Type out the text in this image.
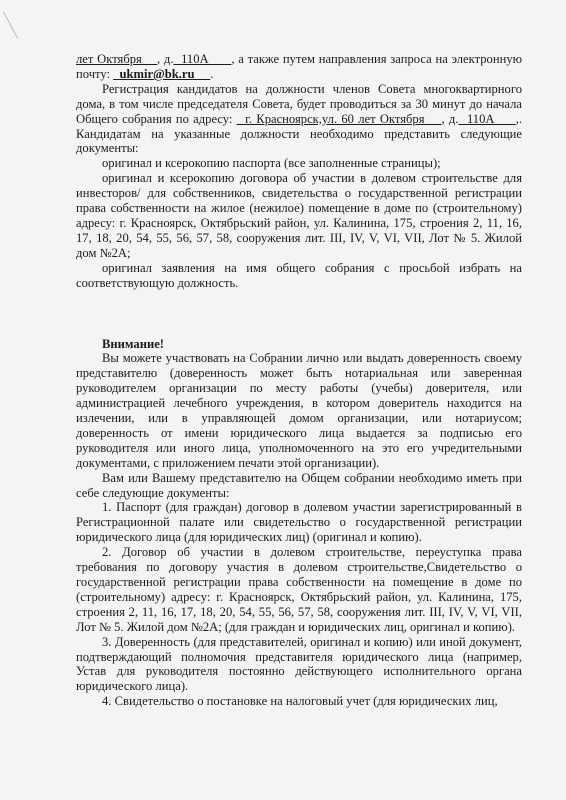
лет Октября , д. 110А , а также путем направления запроса на электронную почту: ukmir@bk.ru .

Регистрация кандидатов на должности членов Совета многоквартирного дома, в том числе председателя Совета, будет проводиться за 30 минут до начала Общего собрания по адресу: г. Красноярск,ул. 60 лет Октября , д. 110А ,. Кандидатам на указанные должности необходимо представить следующие документы:

оригинал и ксерокопию паспорта (все заполненные страницы);

оригинал и ксерокопию договора об участии в долевом строительстве для инвесторов/ для собственников, свидетельства о государственной регистрации права собственности на жилое (нежилое) помещение в доме по (строительному) адресу: г. Красноярск, Октябрьский район, ул. Калинина, 175, строения 2, 11, 16, 17, 18, 20, 54, 55, 56, 57, 58, сооружения лит. III, IV, V, VI, VII, Лот № 5. Жилой дом №2А;

оригинал заявления на имя общего собрания с просьбой избрать на соответствующую должность.

Внимание!

Вы можете участвовать на Собрании лично или выдать доверенность своему представителю (доверенность может быть нотариальная или заверенная руководителем организации по месту работы (учебы) доверителя, или администрацией лечебного учреждения, в котором доверитель находится на излечении, или в управляющей домом организации, или нотариусом; доверенность от имени юридического лица выдается за подписью его руководителя или иного лица, уполномоченного на это его учредительными документами, с приложением печати этой организации).

Вам или Вашему представителю на Общем собрании необходимо иметь при себе следующие документы:

1. Паспорт (для граждан) договор в долевом участии зарегистрированный в Регистрационной палате или свидетельство о государственной регистрации юридического лица (для юридических лиц) (оригинал и копию).

2. Договор об участии в долевом строительстве, переуступка права требования по договору участия в долевом строительстве,Свидетельство о государственной регистрации права собственности на помещение в доме по (строительному) адресу: г. Красноярск, Октябрьский район, ул. Калинина, 175, строения 2, 11, 16, 17, 18, 20, 54, 55, 56, 57, 58, сооружения лит. III, IV, V, VI, VII, Лот № 5. Жилой дом №2А; (для граждан и юридических лиц, оригинал и копию).

3. Доверенность (для представителей, оригинал и копию) или иной документ, подтверждающий полномочия представителя юридического лица (например, Устав для руководителя постоянно действующего исполнительного органа юридического лица).

4. Свидетельство о постановке на налоговый учет (для юридических лиц,
